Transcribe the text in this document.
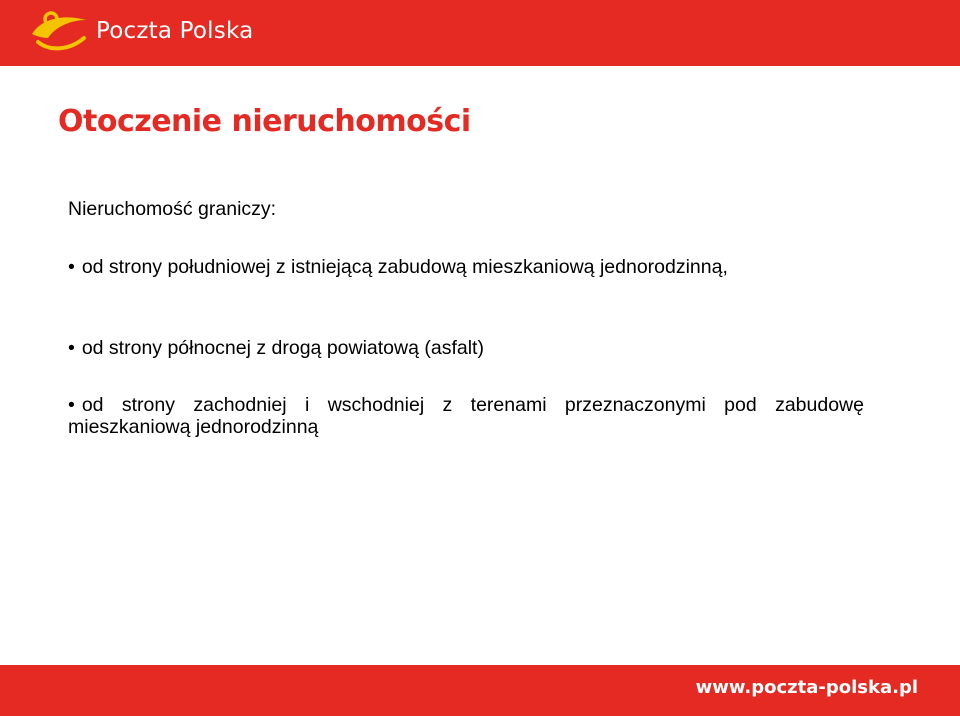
Poczta Polska
Otoczenie nieruchomości

Nieruchomość graniczy:

• od strony południowej z istniejącą zabudową mieszkaniową jednorodzinną,

• od strony północnej z drogą powiatową (asfalt)

• od strony zachodniej i wschodniej z terenami przeznaczonymi pod zabudowę mieszkaniową jednorodzinną

www.poczta-polska.pl
